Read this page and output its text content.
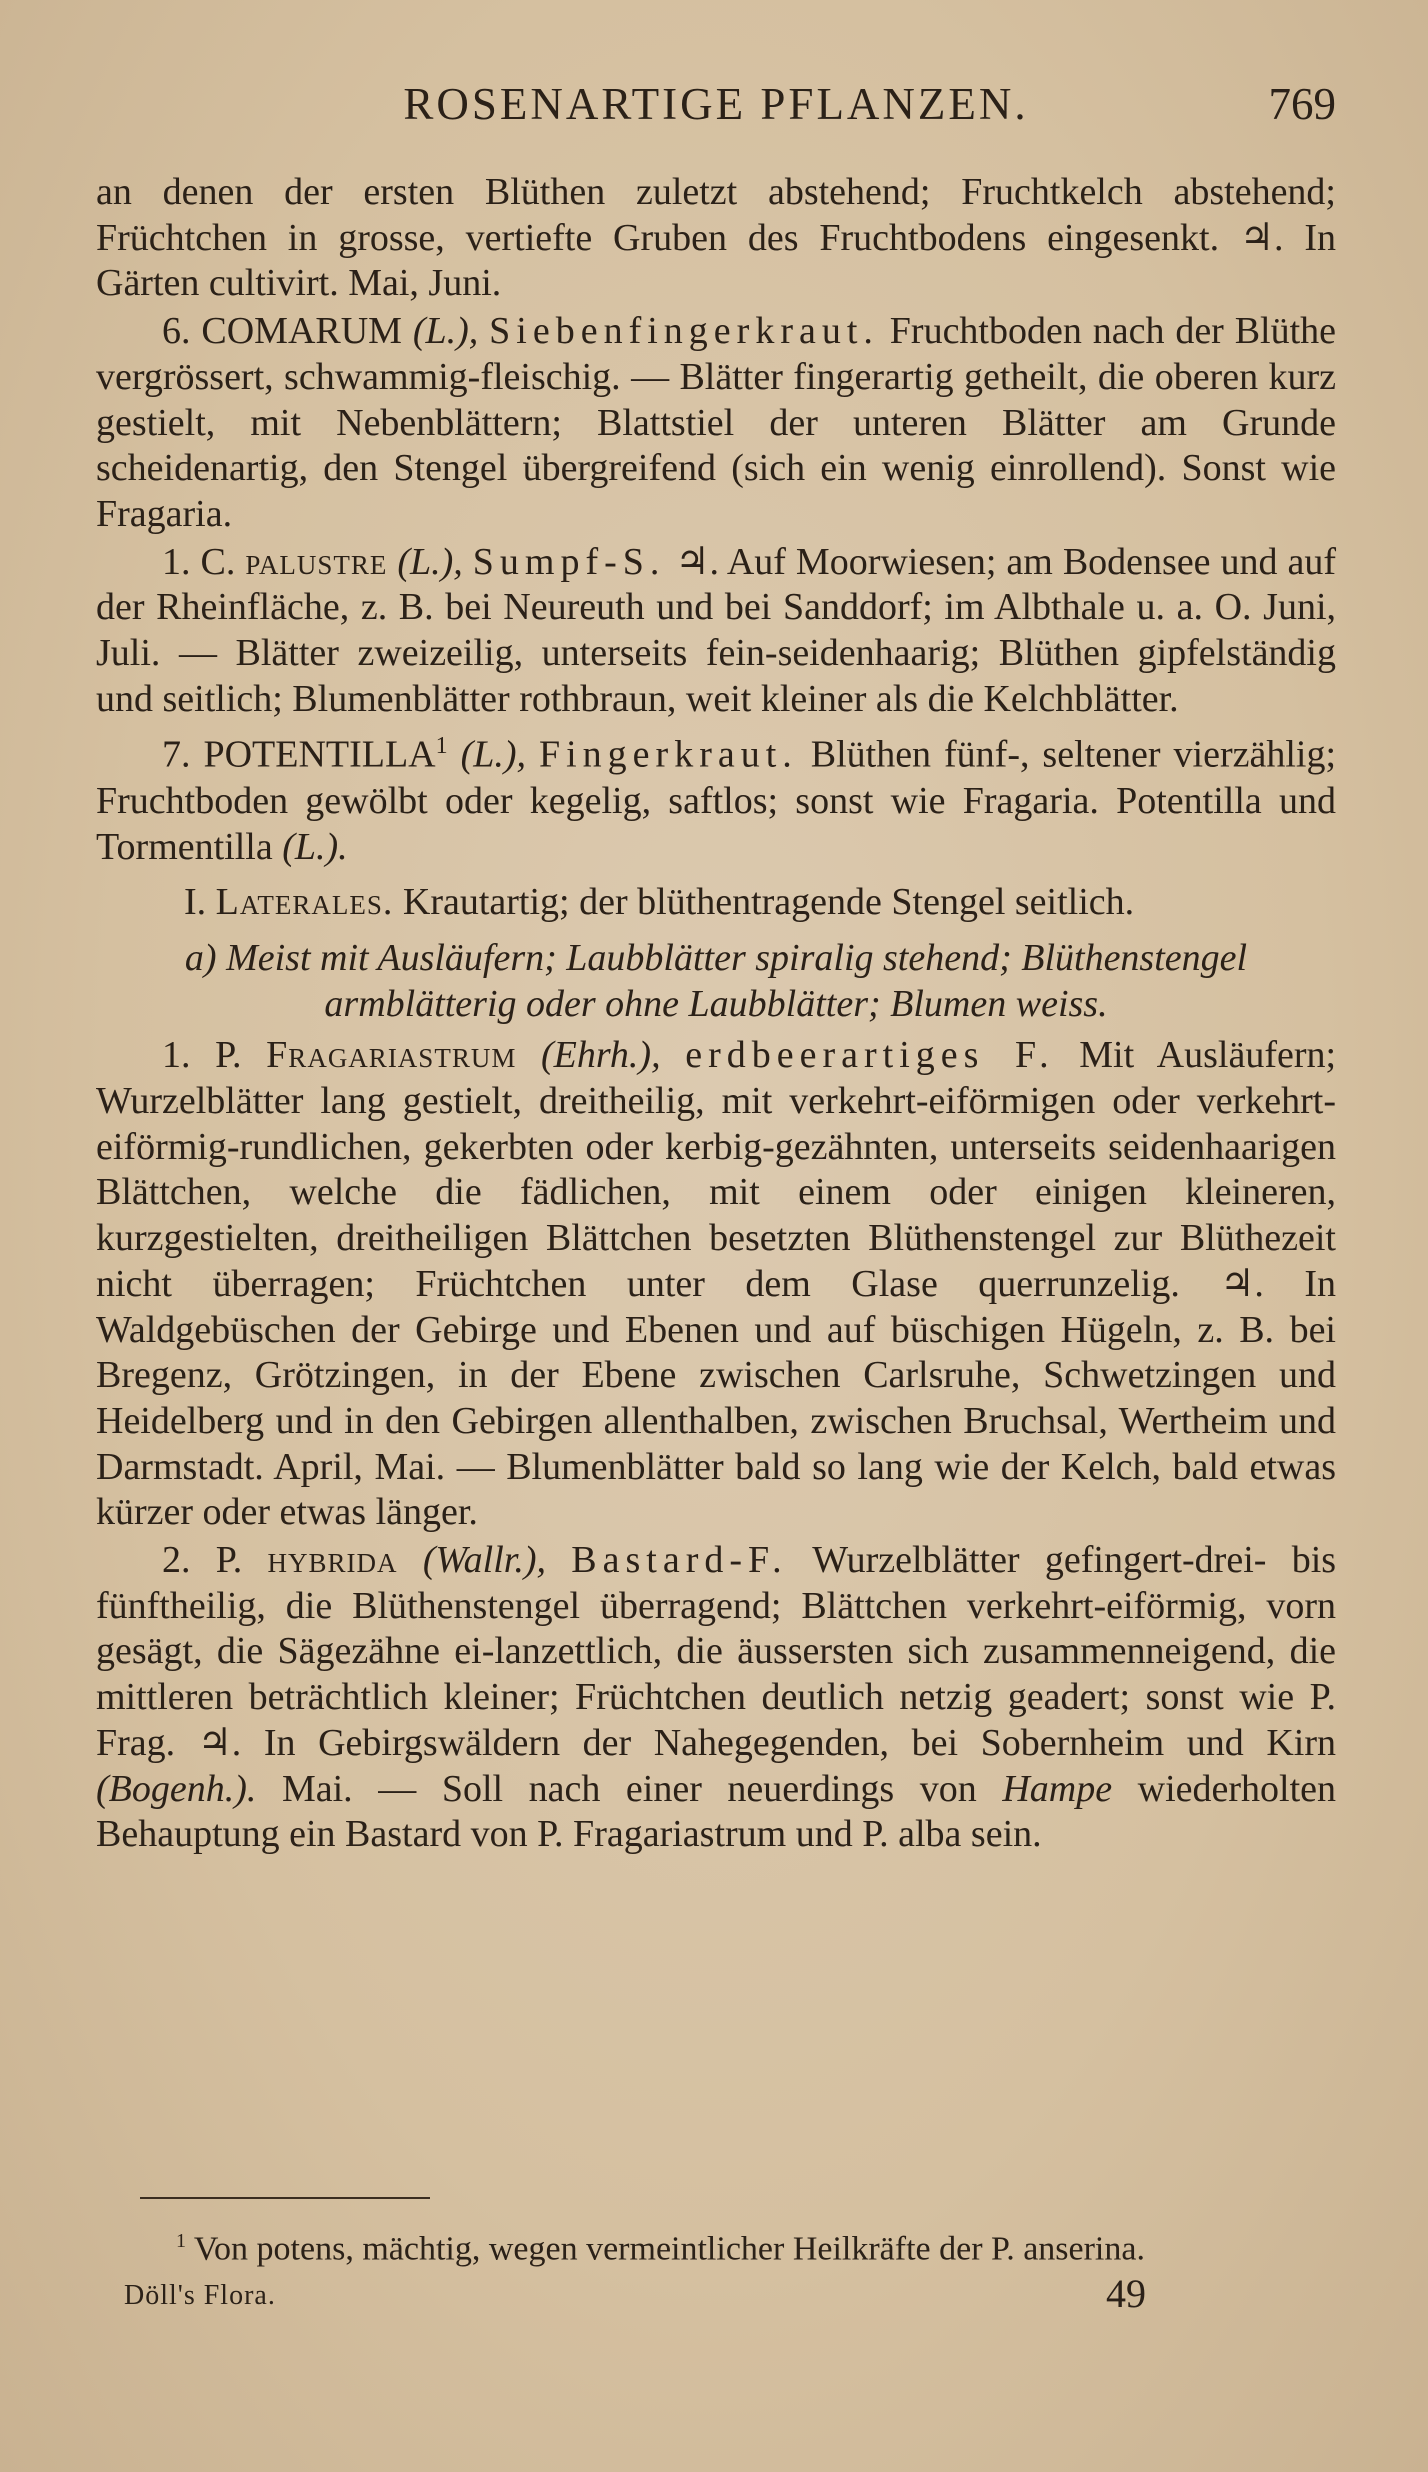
ROSENARTIGE PFLANZEN.	769

an denen der ersten Blüthen zuletzt abstehend; Fruchtkelch abstehend; Früchtchen in grosse, vertiefte Gruben des Fruchtbodens eingesenkt. ♃. In Gärten cultivirt. Mai, Juni.

6. COMARUM (L.), Siebenfingerkraut. Fruchtboden nach der Blüthe vergrössert, schwammig-fleischig. — Blätter fingerartig getheilt, die oberen kurz gestielt, mit Nebenblättern; Blattstiel der unteren Blätter am Grunde scheidenartig, den Stengel übergreifend (sich ein wenig einrollend). Sonst wie Fragaria.

1. C. palustre (L.), Sumpf-S. ♃. Auf Moorwiesen; am Bodensee und auf der Rheinfläche, z. B. bei Neureuth und bei Sanddorf; im Albthale u. a. O. Juni, Juli. — Blätter zweizeilig, unterseits fein-seidenhaarig; Blüthen gipfelständig und seitlich; Blumenblätter rothbraun, weit kleiner als die Kelchblätter.

7. POTENTILLA$^1$ (L.), Fingerkraut. Blüthen fünf-, seltener vierzählig; Fruchtboden gewölbt oder kegelig, saftlos; sonst wie Fragaria. Potentilla und Tormentilla (L.).

I. Laterales. Krautartig; der blüthentragende Stengel seitlich.

a) Meist mit Ausläufern; Laubblätter spiralig stehend; Blüthenstengel armblätterig oder ohne Laubblätter; Blumen weiss.

1. P. Fragariastrum (Ehrh.), erdbeerartiges F. Mit Ausläufern; Wurzelblätter lang gestielt, dreitheilig, mit verkehrt-eiförmigen oder verkehrt-eiförmig-rundlichen, gekerbten oder kerbig-gezähnten, unterseits seidenhaarigen Blättchen, welche die fädlichen, mit einem oder einigen kleineren, kurzgestielten, dreitheiligen Blättchen besetzten Blüthenstengel zur Blüthezeit nicht überragen; Früchtchen unter dem Glase querrunzelig. ♃. In Waldgebüschen der Gebirge und Ebenen und auf büschigen Hügeln, z. B. bei Bregenz, Grötzingen, in der Ebene zwischen Carlsruhe, Schwetzingen und Heidelberg und in den Gebirgen allenthalben, zwischen Bruchsal, Wertheim und Darmstadt. April, Mai. — Blumenblätter bald so lang wie der Kelch, bald etwas kürzer oder etwas länger.

2. P. hybrida (Wallr.), Bastard-F. Wurzelblätter gefingert-drei- bis fünftheilig, die Blüthenstengel überragend; Blättchen verkehrt-eiförmig, vorn gesägt, die Sägezähne ei-lanzettlich, die äussersten sich zusammenneigend, die mittleren beträchtlich kleiner; Früchtchen deutlich netzig geadert; sonst wie P. Frag. ♃. In Gebirgswäldern der Nahegegenden, bei Sobernheim und Kirn (Bogenh.). Mai. — Soll nach einer neuerdings von Hampe wiederholten Behauptung ein Bastard von P. Fragariastrum und P. alba sein.

$^1$ Von potens, mächtig, wegen vermeintlicher Heilkräfte der P. anserina.
Döll's Flora.	49
